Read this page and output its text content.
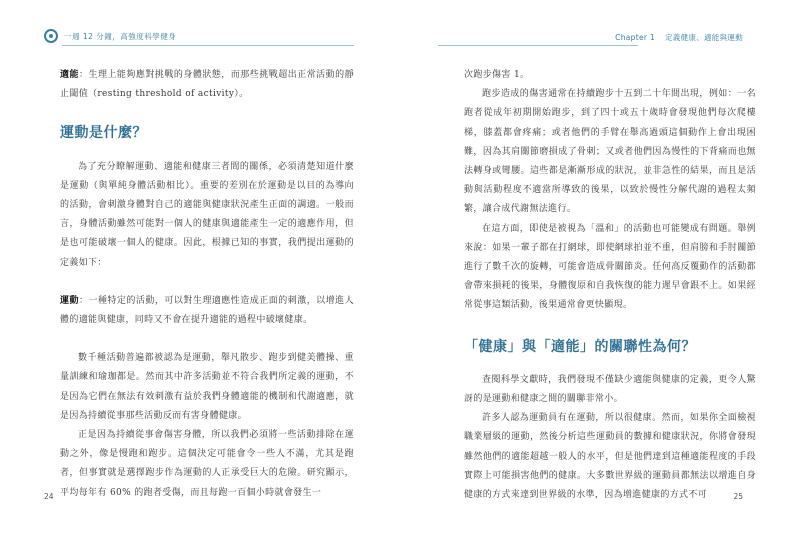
一週 12 分鐘，高強度科學健身	Chapter 1 定義健康、適能與運動

適能：生理上能夠應對挑戰的身體狀態，而那些挑戰超出正常活動的靜止閾值（resting threshold of activity）。

運動是什麼？

為了充分瞭解運動、適能和健康三者間的關係，必須清楚知道什麼是運動（與單純身體活動相比）。重要的差別在於運動是以目的為導向的活動，會刺激身體對自己的適能與健康狀況產生正面的調適。一般而言，身體活動雖然可能對一個人的健康與適能產生一定的適應作用，但是也可能破壞一個人的健康。因此，根據已知的事實，我們提出運動的定義如下：

運動：一種特定的活動，可以對生理適應性造成正面的刺激，以增進人體的適能與健康，同時又不會在提升適能的過程中破壞健康。

數千種活動普遍都被認為是運動，舉凡散步、跑步到健美體操、重量訓練和瑜珈都是。然而其中許多活動並不符合我們所定義的運動，不是因為它們在無法有效刺激有益於我們身體適能的機制和代謝適應，就是因為持續從事那些活動反而有害身體健康。

正是因為持續從事會傷害身體，所以我們必須將一些活動排除在運動之外，像是慢跑和跑步。這個決定可能會令一些人不滿，尤其是跑者，但事實就是選擇跑步作為運動的人正承受巨大的危險。研究顯示，平均每年有 60% 的跑者受傷，而且每跑一百個小時就會發生一

次跑步傷害 1。

跑步造成的傷害通常在持續跑步十五到二十年間出現，例如：一名跑者從成年初期開始跑步，到了四十或五十歲時會發現他們每次爬樓梯，膝蓋都會疼痛；或者他們的手臂在舉高過頭這個動作上會出現困難，因為其肩關節磨損成了骨刺；又或者他們因為慢性的下背痛而也無法轉身或彎腰。這些都是漸漸形成的狀況，並非急性的結果，而且是活動與活動程度不適當所導致的後果，以致於慢性分解代謝的過程太頻繁，讓合成代謝無法進行。

在這方面，即使是被視為「溫和」的活動也可能變成有問題。舉例來說：如果一輩子都在打網球，即使網球拍並不重，但肩膀和手肘關節進行了數千次的旋轉，可能會造成骨關節炎。任何高反覆動作的活動都會帶來損耗的後果，身體復原和自我恢復的能力遲早會跟不上。如果經常從事這類活動，後果通常會更快顯現。

「健康」與「適能」的關聯性為何？

查閱科學文獻時，我們發現不僅缺少適能與健康的定義，更令人驚訝的是運動和健康之間的關聯非常小。

許多人認為運動員有在運動，所以很健康。然而，如果你全面檢視職業層級的運動，然後分析這些運動員的數據和健康狀況，你將會發現雖然他們的適能超越一般人的水平，但是他們達到這種適能程度的手段實際上可能損害他們的健康。大多數世界級的運動員都無法以增進自身健康的方式來達到世界級的水準，因為增進健康的方式不可

24	25
